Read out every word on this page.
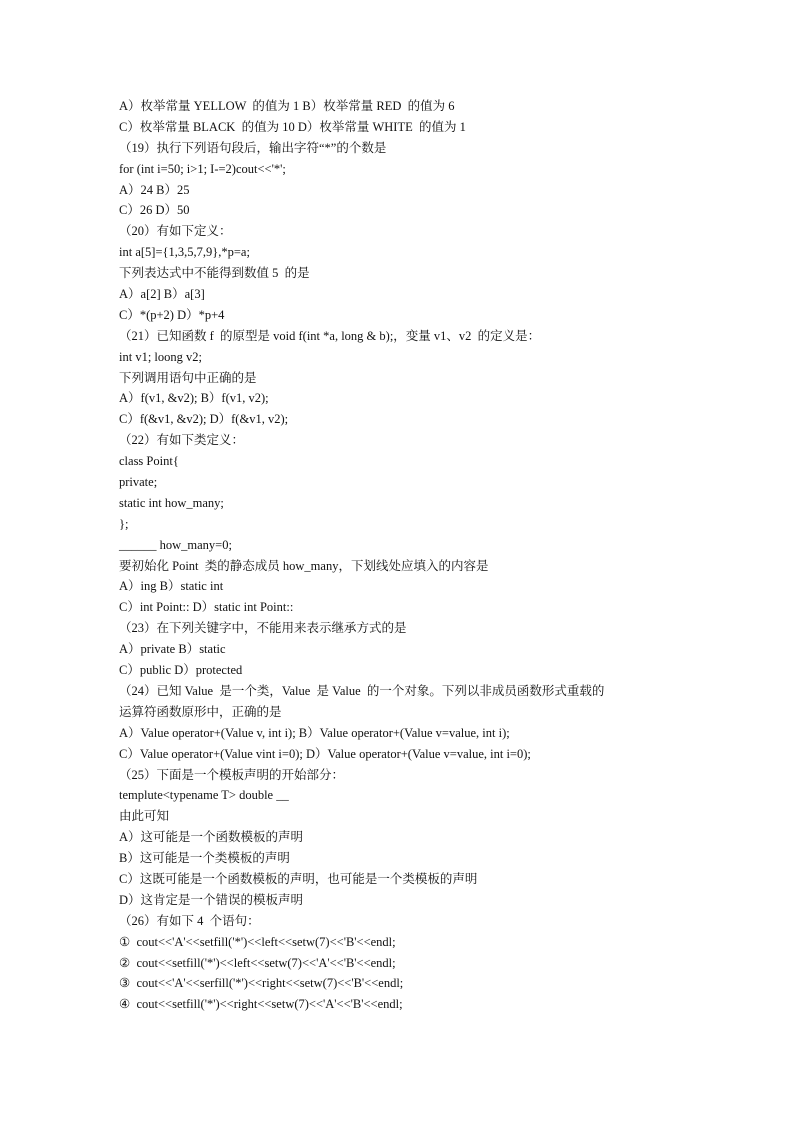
A）枚举常量 YELLOW  的值为 1 B）枚举常量 RED  的值为 6
C）枚举常量 BLACK  的值为 10 D）枚举常量 WHITE  的值为 1
（19）执行下列语句段后，输出字符“*”的个数是
for (int i=50; i>1; I-=2)cout<<'*';
A）24 B）25
C）26 D）50
（20）有如下定义：
int a[5]={1,3,5,7,9},*p=a;
下列表达式中不能得到数值 5  的是
A）a[2] B）a[3]
C）*(p+2) D）*p+4
（21）已知函数 f  的原型是 void f(int *a, long & b);，变量 v1、v2  的定义是：
int v1; loong v2;
下列调用语句中正确的是
A）f(v1, &v2); B）f(v1, v2);
C）f(&v1, &v2); D）f(&v1, v2);
（22）有如下类定义：
class Point{
private;
static int how_many;
};
______ how_many=0;
要初始化 Point  类的静态成员 how_many，下划线处应填入的内容是
A）ing B）static int
C）int Point:: D）static int Point::
（23）在下列关键字中，不能用来表示继承方式的是
A）private B）static
C）public D）protected
（24）已知 Value  是一个类，Value  是 Value  的一个对象。下列以非成员函数形式重载的
运算符函数原形中，正确的是
A）Value operator+(Value v, int i); B）Value operator+(Value v=value, int i);
C）Value operator+(Value vint i=0); D）Value operator+(Value v=value, int i=0);
（25）下面是一个模板声明的开始部分：
templute<typename T> double __
由此可知
A）这可能是一个函数模板的声明
B）这可能是一个类模板的声明
C）这既可能是一个函数模板的声明，也可能是一个类模板的声明
D）这肯定是一个错误的模板声明
（26）有如下 4  个语句：
①  cout<<'A'<<setfill('*')<<left<<setw(7)<<'B'<<endl;
②  cout<<setfill('*')<<left<<setw(7)<<'A'<<'B'<<endl;
③  cout<<'A'<<serfill('*')<<right<<setw(7)<<'B'<<endl;
④  cout<<setfill('*')<<right<<setw(7)<<'A'<<'B'<<endl;
